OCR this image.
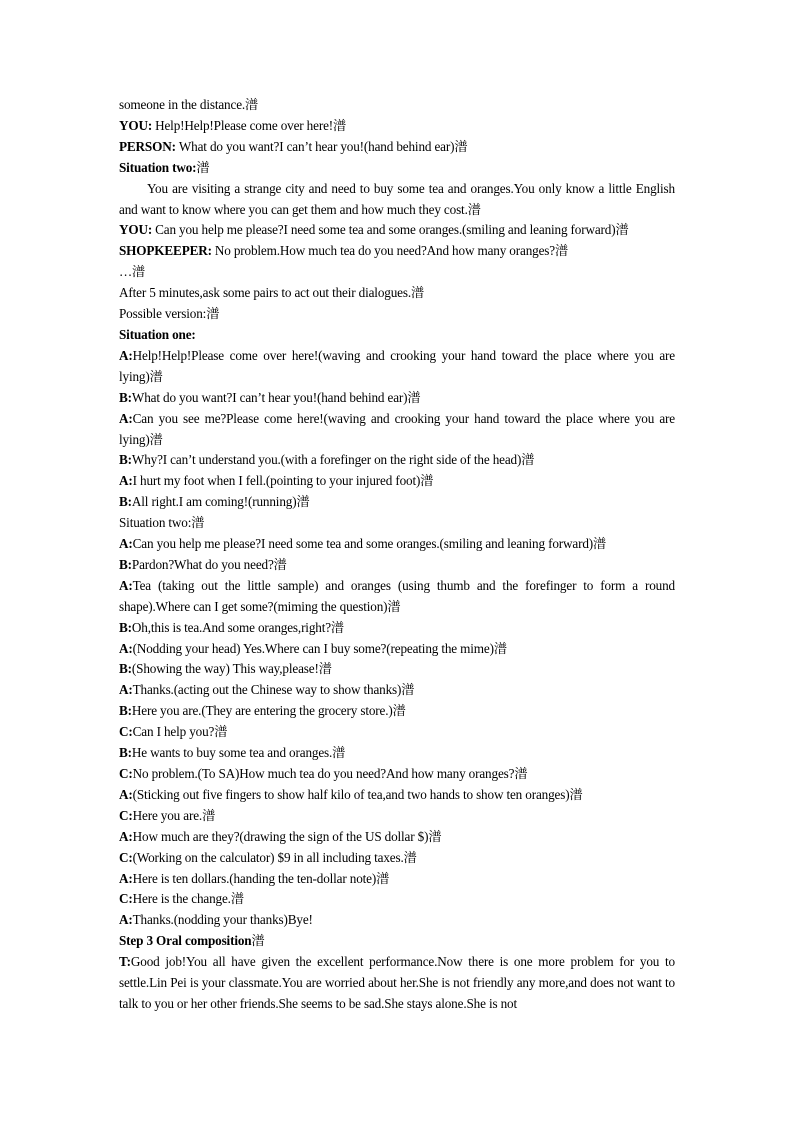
someone in the distance.潽

YOU: Help!Help!Please come over here!潽

PERSON: What do you want?I can’t hear you!(hand behind ear)潽

Situation two:潽

You are visiting a strange city and need to buy some tea and oranges.You only know a little English and want to know where you can get them and how much they cost.潽

YOU: Can you help me please?I need some tea and some oranges.(smiling and leaning forward)潽

SHOPKEEPER: No problem.How much tea do you need?And how many oranges?潽

…潽

After 5 minutes,ask some pairs to act out their dialogues.潽

Possible version:潽

Situation one:

A:Help!Help!Please come over here!(waving and crooking your hand toward the place where you are lying)潽

B:What do you want?I can’t hear you!(hand behind ear)潽

A:Can you see me?Please come here!(waving and crooking your hand toward the place where you are lying)潽

B:Why?I can’t understand you.(with a forefinger on the right side of the head)潽

A:I hurt my foot when I fell.(pointing to your injured foot)潽

B:All right.I am coming!(running)潽

Situation two:潽

A:Can you help me please?I need some tea and some oranges.(smiling and leaning forward)潽

B:Pardon?What do you need?潽

A:Tea (taking out the little sample) and oranges (using thumb and the forefinger to form a round shape).Where can I get some?(miming the question)潽

B:Oh,this is tea.And some oranges,right?潽

A:(Nodding your head) Yes.Where can I buy some?(repeating the mime)潽

B:(Showing the way) This way,please!潽

A:Thanks.(acting out the Chinese way to show thanks)潽

B:Here you are.(They are entering the grocery store.)潽

C:Can I help you?潽

B:He wants to buy some tea and oranges.潽

C:No problem.(To SA)How much tea do you need?And how many oranges?潽

A:(Sticking out five fingers to show half kilo of tea,and two hands to show ten oranges)潽

C:Here you are.潽

A:How much are they?(drawing the sign of the US dollar $)潽

C:(Working on the calculator) $9 in all including taxes.潽

A:Here is ten dollars.(handing the ten-dollar note)潽

C:Here is the change.潽

A:Thanks.(nodding your thanks)Bye!

Step 3 Oral composition潽

T:Good job!You all have given the excellent performance.Now there is one more problem for you to settle.Lin Pei is your classmate.You are worried about her.She is not friendly any more,and does not want to talk to you or her other friends.She seems to be sad.She stays alone.She is not
